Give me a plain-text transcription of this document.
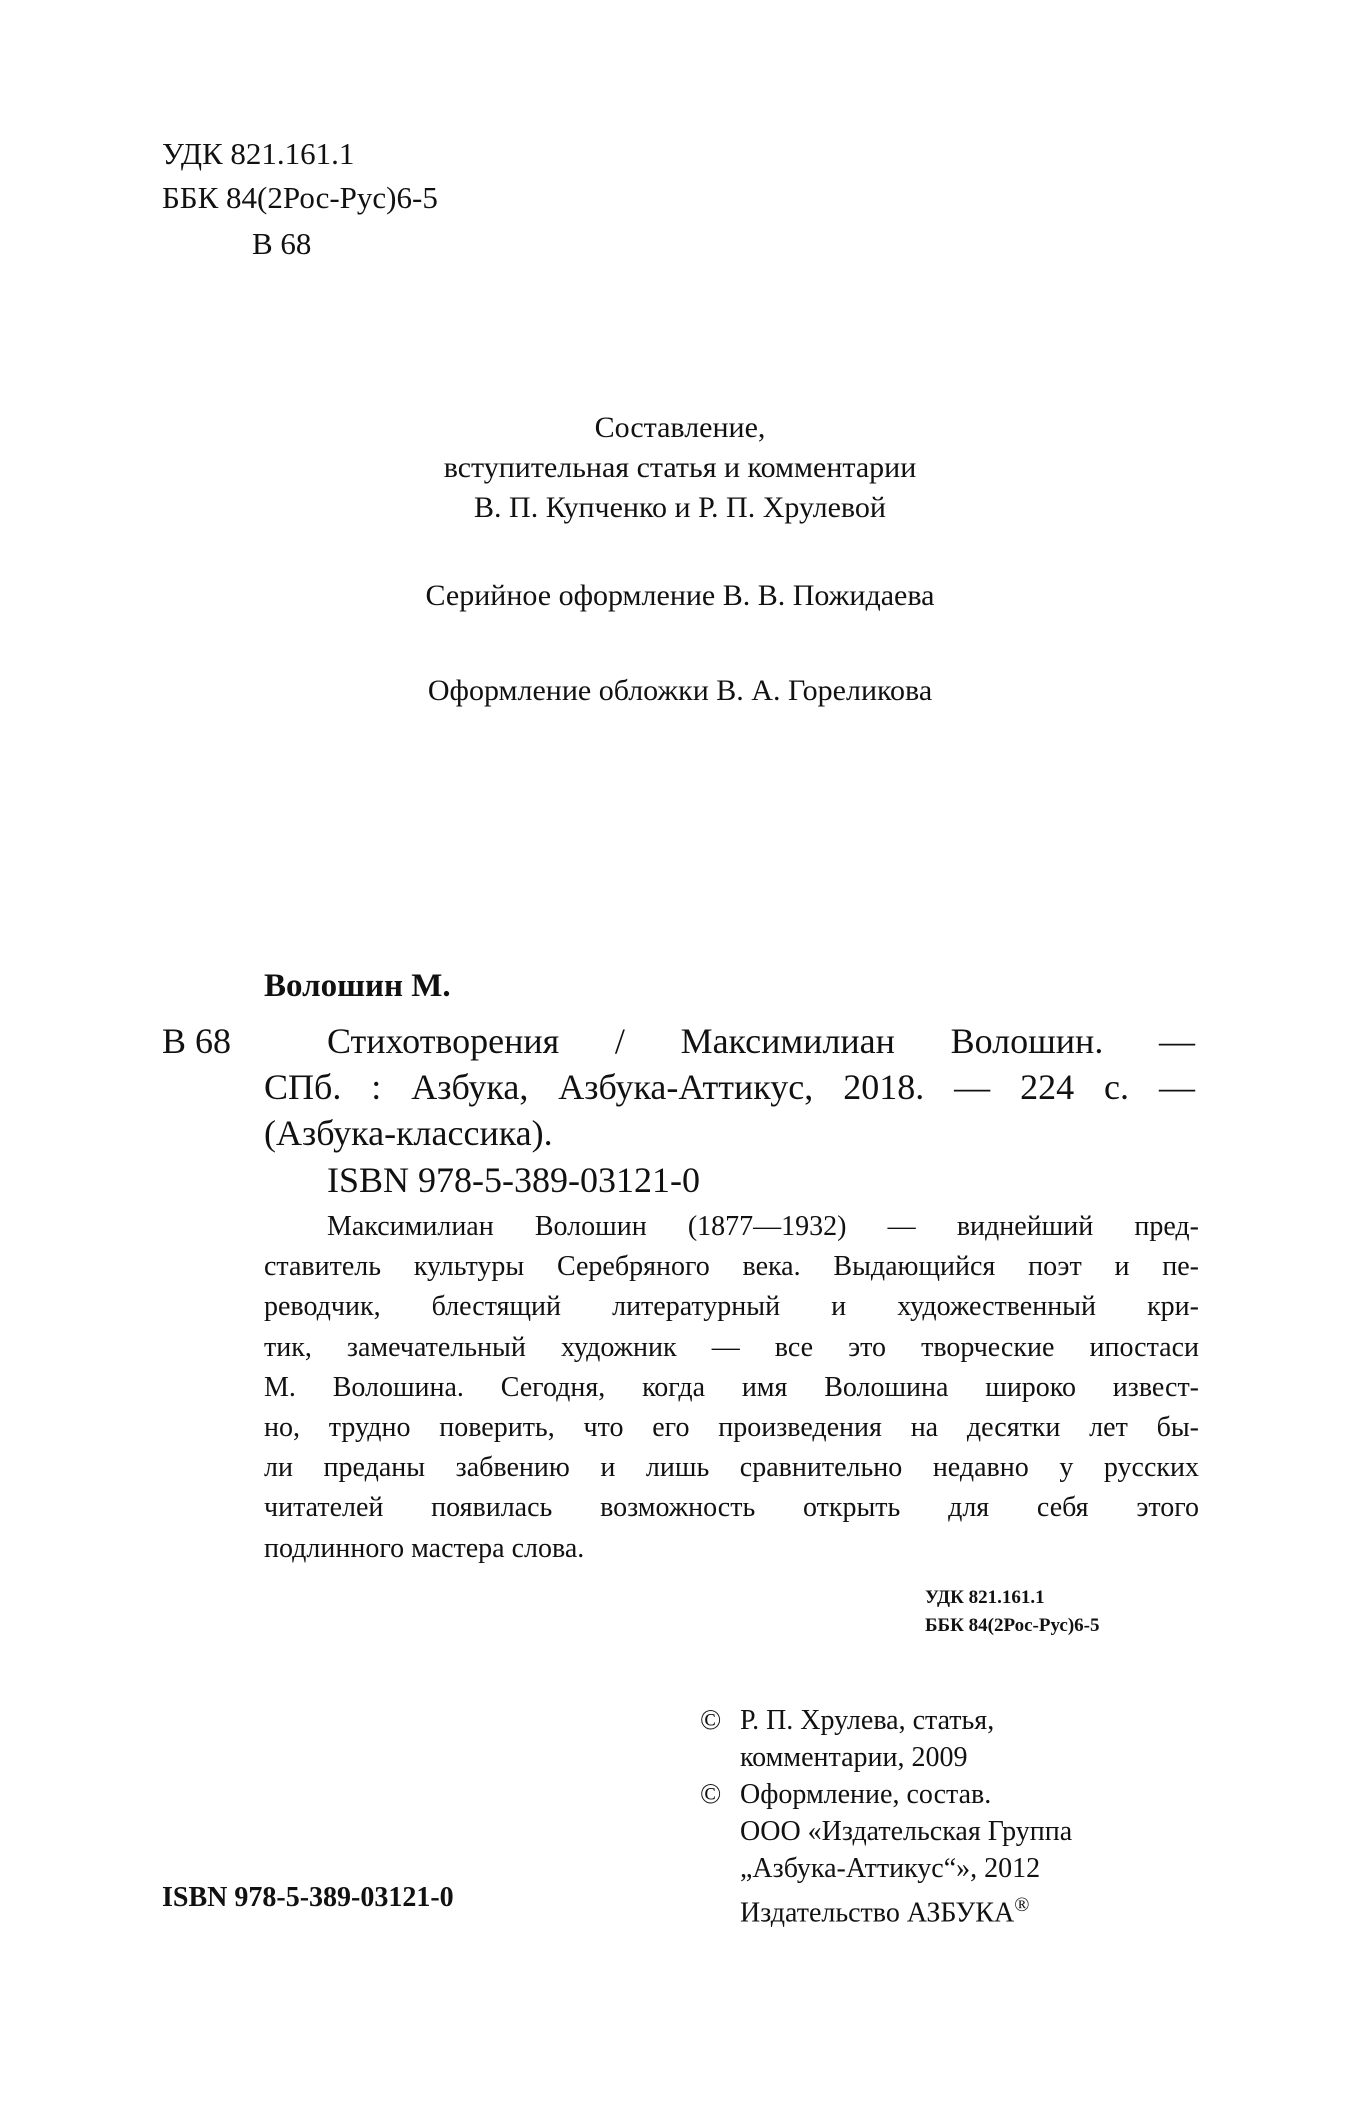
УДК 821.161.1
ББК 84(2Рос-Рус)6-5
В 68
Составление,
вступительная статья и комментарии
В. П. Купченко и Р. П. Хрулевой
Серийное оформление В. В. Пожидаева
Оформление обложки В. А. Гореликова
Волошин М.
В 68	Стихотворения / Максимилиан Волошин. —
СПб. : Азбука, Азбука-Аттикус, 2018. — 224 с. —
(Азбука-классика).
ISBN 978-5-389-03121-0
Максимилиан Волошин (1877—1932) — виднейший пред-
ставитель культуры Серебряного века. Выдающийся поэт и пе-
реводчик, блестящий литературный и художественный кри-
тик, замечательный художник — все это творческие ипостаси
М. Волошина. Сегодня, когда имя Волошина широко извест-
но, трудно поверить, что его произведения на десятки лет бы-
ли преданы забвению и лишь сравнительно недавно у русских
читателей появилась возможность открыть для себя этого
подлинного мастера слова.
УДК 821.161.1
ББК 84(2Рос-Рус)6-5
© Р. П. Хрулева, статья,
комментарии, 2009
© Оформление, состав.
ООО «Издательская Группа
„Азбука-Аттикус“», 2012
Издательство АЗБУКА®
ISBN 978-5-389-03121-0
